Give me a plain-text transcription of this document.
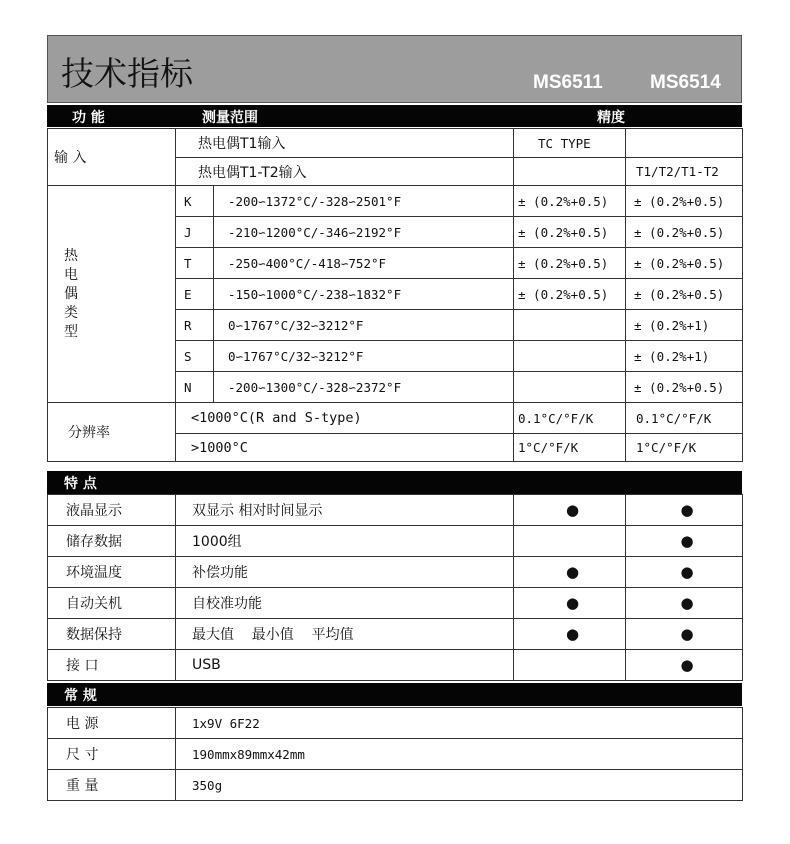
技术指标	MS6511 MS6514
功 能	测量范围	精度
输 入	热电偶T1输入		TC TYPE	
	热电偶T1-T2输入			T1/T2/T1-T2

热
电
偶
类
型	K	-200∽1372°C/-328∽2501°F	± (0.2%+0.5)	± (0.2%+0.5)
	J	-210∽1200°C/-346∽2192°F	± (0.2%+0.5)	± (0.2%+0.5)
	T	-250∽400°C/-418∽752°F	± (0.2%+0.5)	± (0.2%+0.5)
	E	-150∽1000°C/-238∽1832°F	± (0.2%+0.5)	± (0.2%+0.5)
	R	0∽1767°C/32∽3212°F		± (0.2%+1)
	S	0∽1767°C/32∽3212°F		± (0.2%+1)
	N	-200∽1300°C/-328∽2372°F		± (0.2%+0.5)
分辨率	<1000°C(R and S-type)		0.1°C/°F/K	0.1°C/°F/K
	>1000°C		1°C/°F/K	1°C/°F/K
特 点
液晶显示	双显示 相对时间显示	●	●
储存数据	1000组		●
环境温度	补偿功能	●	●
自动关机	自校准功能	●	●
数据保持	最大值    最小值    平均值	●	●
接 口	USB		●
常 规
电 源	1x9V 6F22
尺 寸	190mmx89mmx42mm
重 量	350g
